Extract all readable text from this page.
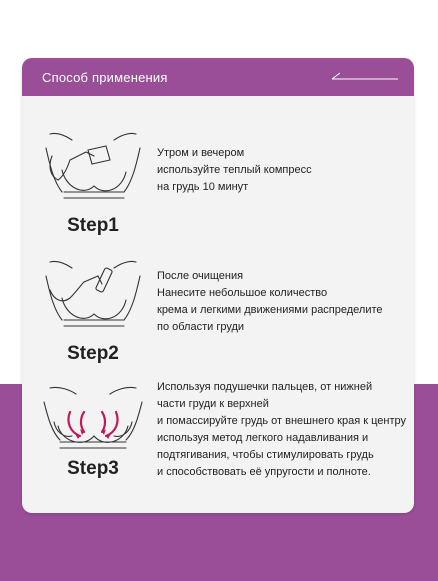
Способ применения
Step1
Утром и вечером
используйте теплый компресс
на грудь 10 минут
Step2
После очищения
Нанесите небольшое количество
крема и легкими движениями распределите
по области груди
Step3
Используя подушечки пальцев, от нижней
части груди к верхней
и помассируйте грудь от внешнего края к центру
используя метод легкого надавливания и
подтягивания, чтобы стимулировать грудь
и способствовать её упругости и полноте.
